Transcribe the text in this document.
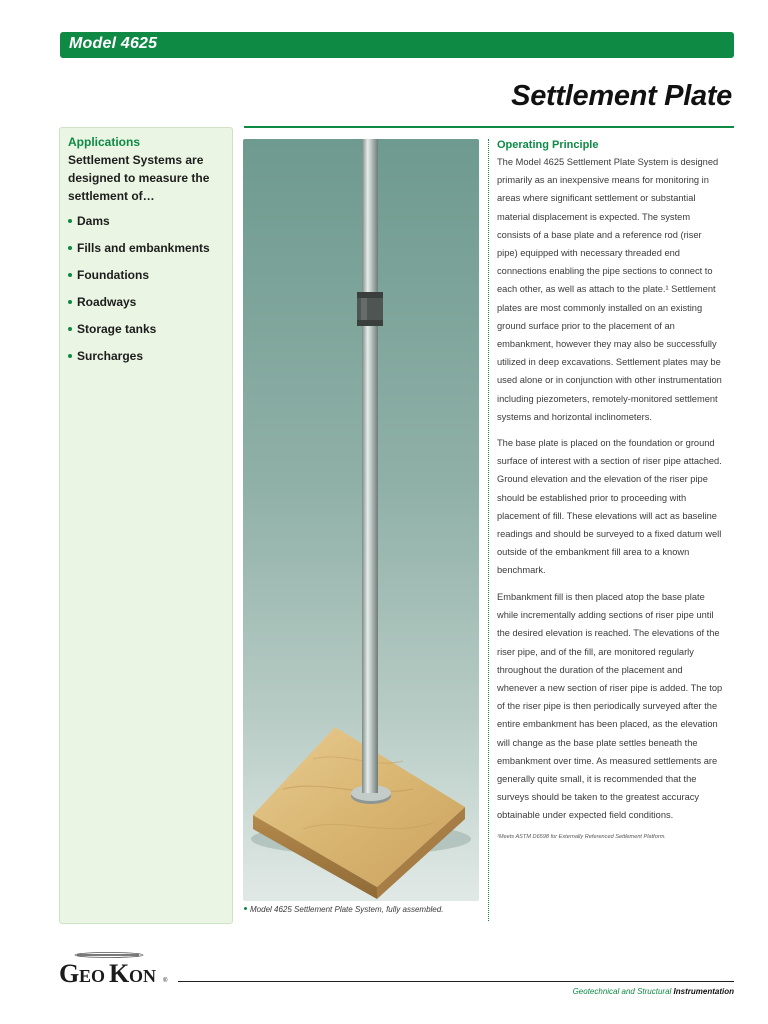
Model 4625
Settlement Plate
Applications
Settlement Systems are designed to measure the settlement of…
Dams
Fills and embankments
Foundations
Roadways
Storage tanks
Surcharges
Model 4625 Settlement Plate System, fully assembled.
Operating Principle

The Model 4625 Settlement Plate System is designed primarily as an inexpensive means for monitoring in areas where significant settlement or substantial material displacement is expected. The system consists of a base plate and a reference rod (riser pipe) equipped with necessary threaded end connections enabling the pipe sections to connect to each other, as well as attach to the plate.¹ Settlement plates are most commonly installed on an existing ground surface prior to the placement of an embankment, however they may also be successfully utilized in deep excavations. Settlement plates may be used alone or in conjunction with other instrumentation including piezometers, remotely-monitored settlement systems and horizontal inclinometers.

The base plate is placed on the foundation or ground surface of interest with a section of riser pipe attached. Ground elevation and the elevation of the riser pipe should be established prior to proceeding with placement of fill. These elevations will act as baseline readings and should be surveyed to a fixed datum well outside of the embankment fill area to a known benchmark.

Embankment fill is then placed atop the base plate while incrementally adding sections of riser pipe until the desired elevation is reached. The elevations of the riser pipe, and of the fill, are monitored regularly throughout the duration of the placement and whenever a new section of riser pipe is added. The top of the riser pipe is then periodically surveyed after the entire embankment has been placed, as the elevation will change as the base plate settles beneath the embankment over time. As measured settlements are generally quite small, it is recommended that the surveys should be taken to the greatest accuracy obtainable under expected field conditions.

¹Meets ASTM D6598 for Externally Referenced Settlement Platform.
G EO K ON ®
Geotechnical and Structural Instrumentation
